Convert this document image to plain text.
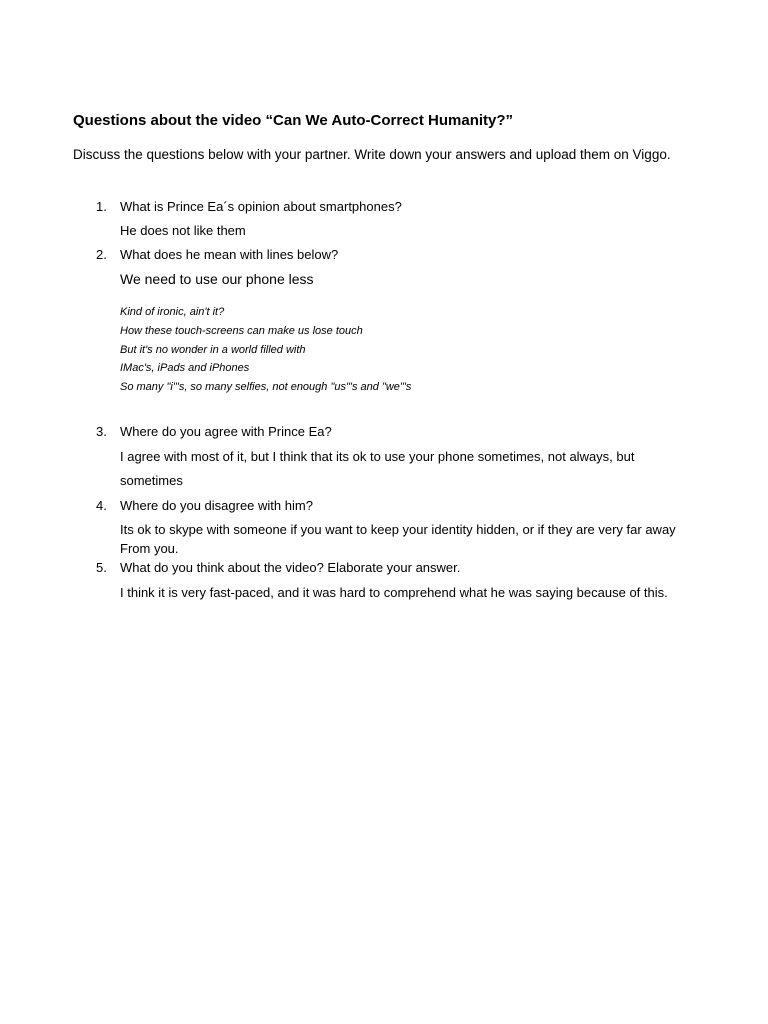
Questions about the video “Can We Auto-Correct Humanity?”
Discuss the questions below with your partner. Write down your answers and upload them on Viggo.
1. What is Prince Ea´s opinion about smartphones?
He does not like them
2. What does he mean with lines below?
We need to use our phone less
Kind of ironic, ain't it?
How these touch-screens can make us lose touch
But it's no wonder in a world filled with
IMac's, iPads and iPhones
So many "i"'s, so many selfies, not enough "us"'s and "we"'s
3. Where do you agree with Prince Ea?
I agree with most of it, but I think that its ok to use your phone sometimes, not always, but
sometimes
4. Where do you disagree with him?
Its ok to skype with someone if you want to keep your identity hidden, or if they are very far away
From you.
5. What do you think about the video? Elaborate your answer.
I think it is very fast-paced, and it was hard to comprehend what he was saying because of this.
